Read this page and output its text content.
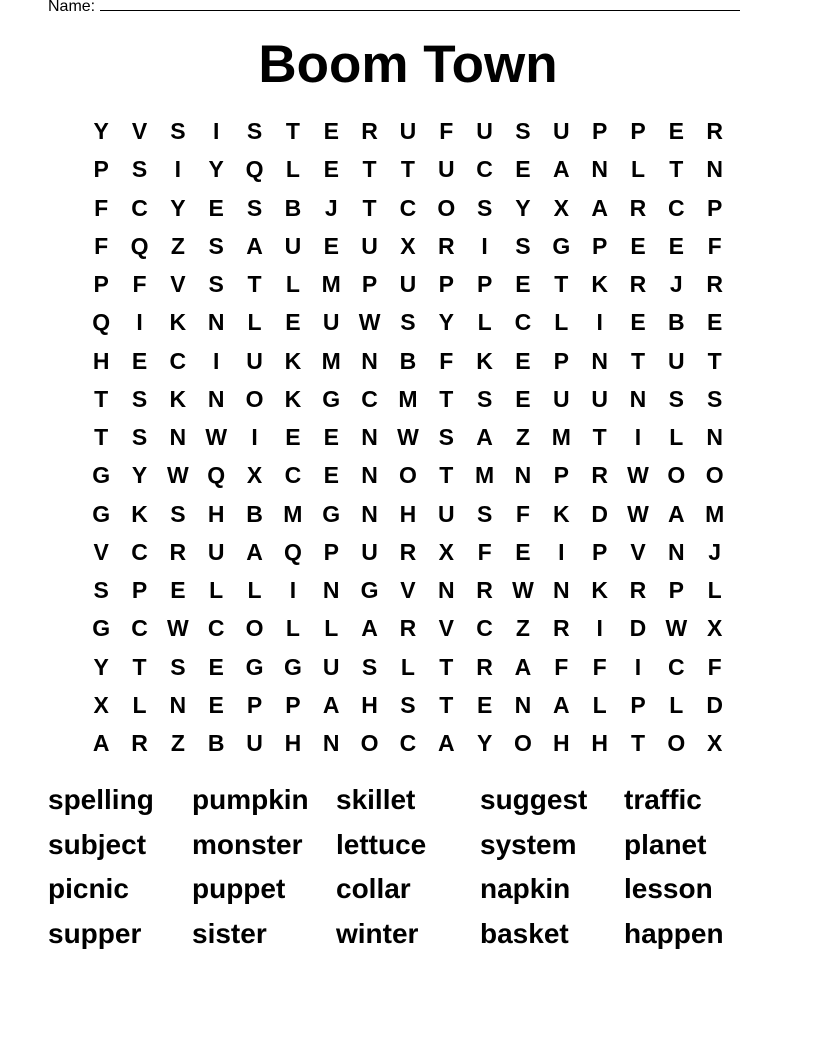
Name:
Boom Town
Y	V	S	I	S	T	E R U	F	U S U P	P	E R
P	S	I	Y Q L	E	T	T	U C E A N	L	T	N
F	C Y	E	S B	J	T	C O S	Y	X A R C P
F Q Z	S A U E U X R	I	S G P	E	E	F
P	F	V	S	T	L M P U P	P	E	T	K R	J	R
Q	I	K N	L	E U W S	Y	L	C	L	I	E B E
H E C	I	U K M N B	F	K E	P N	T	U	T
T	S K N O K G C M T	S	E U U N S	S
T	S N W	I	E	E N W S A	Z M T	I	L	N
G Y W Q X C E N O T M N P R W O O
G K S H B M G N H U S	F	K D W A M
V C R U A Q P U R X	F	E	I	P	V N	J
S	P	E	L	L	I	N G V N R W N K R P	L
G C W C O L	L	A R V C	Z	R	I	D W X
Y	T	S	E G G U S	L	T	R A	F	F	I	C	F
X	L	N E	P	P A H S	T	E N A	L	P	L	D
A R	Z	B U H N O C A Y O H H	T O X
spelling	pumpkin skillet	suggest	traffic
subject	monster	lettuce	system	planet
picnic	puppet	collar	napkin	lesson
supper	sister	winter	basket	happen
